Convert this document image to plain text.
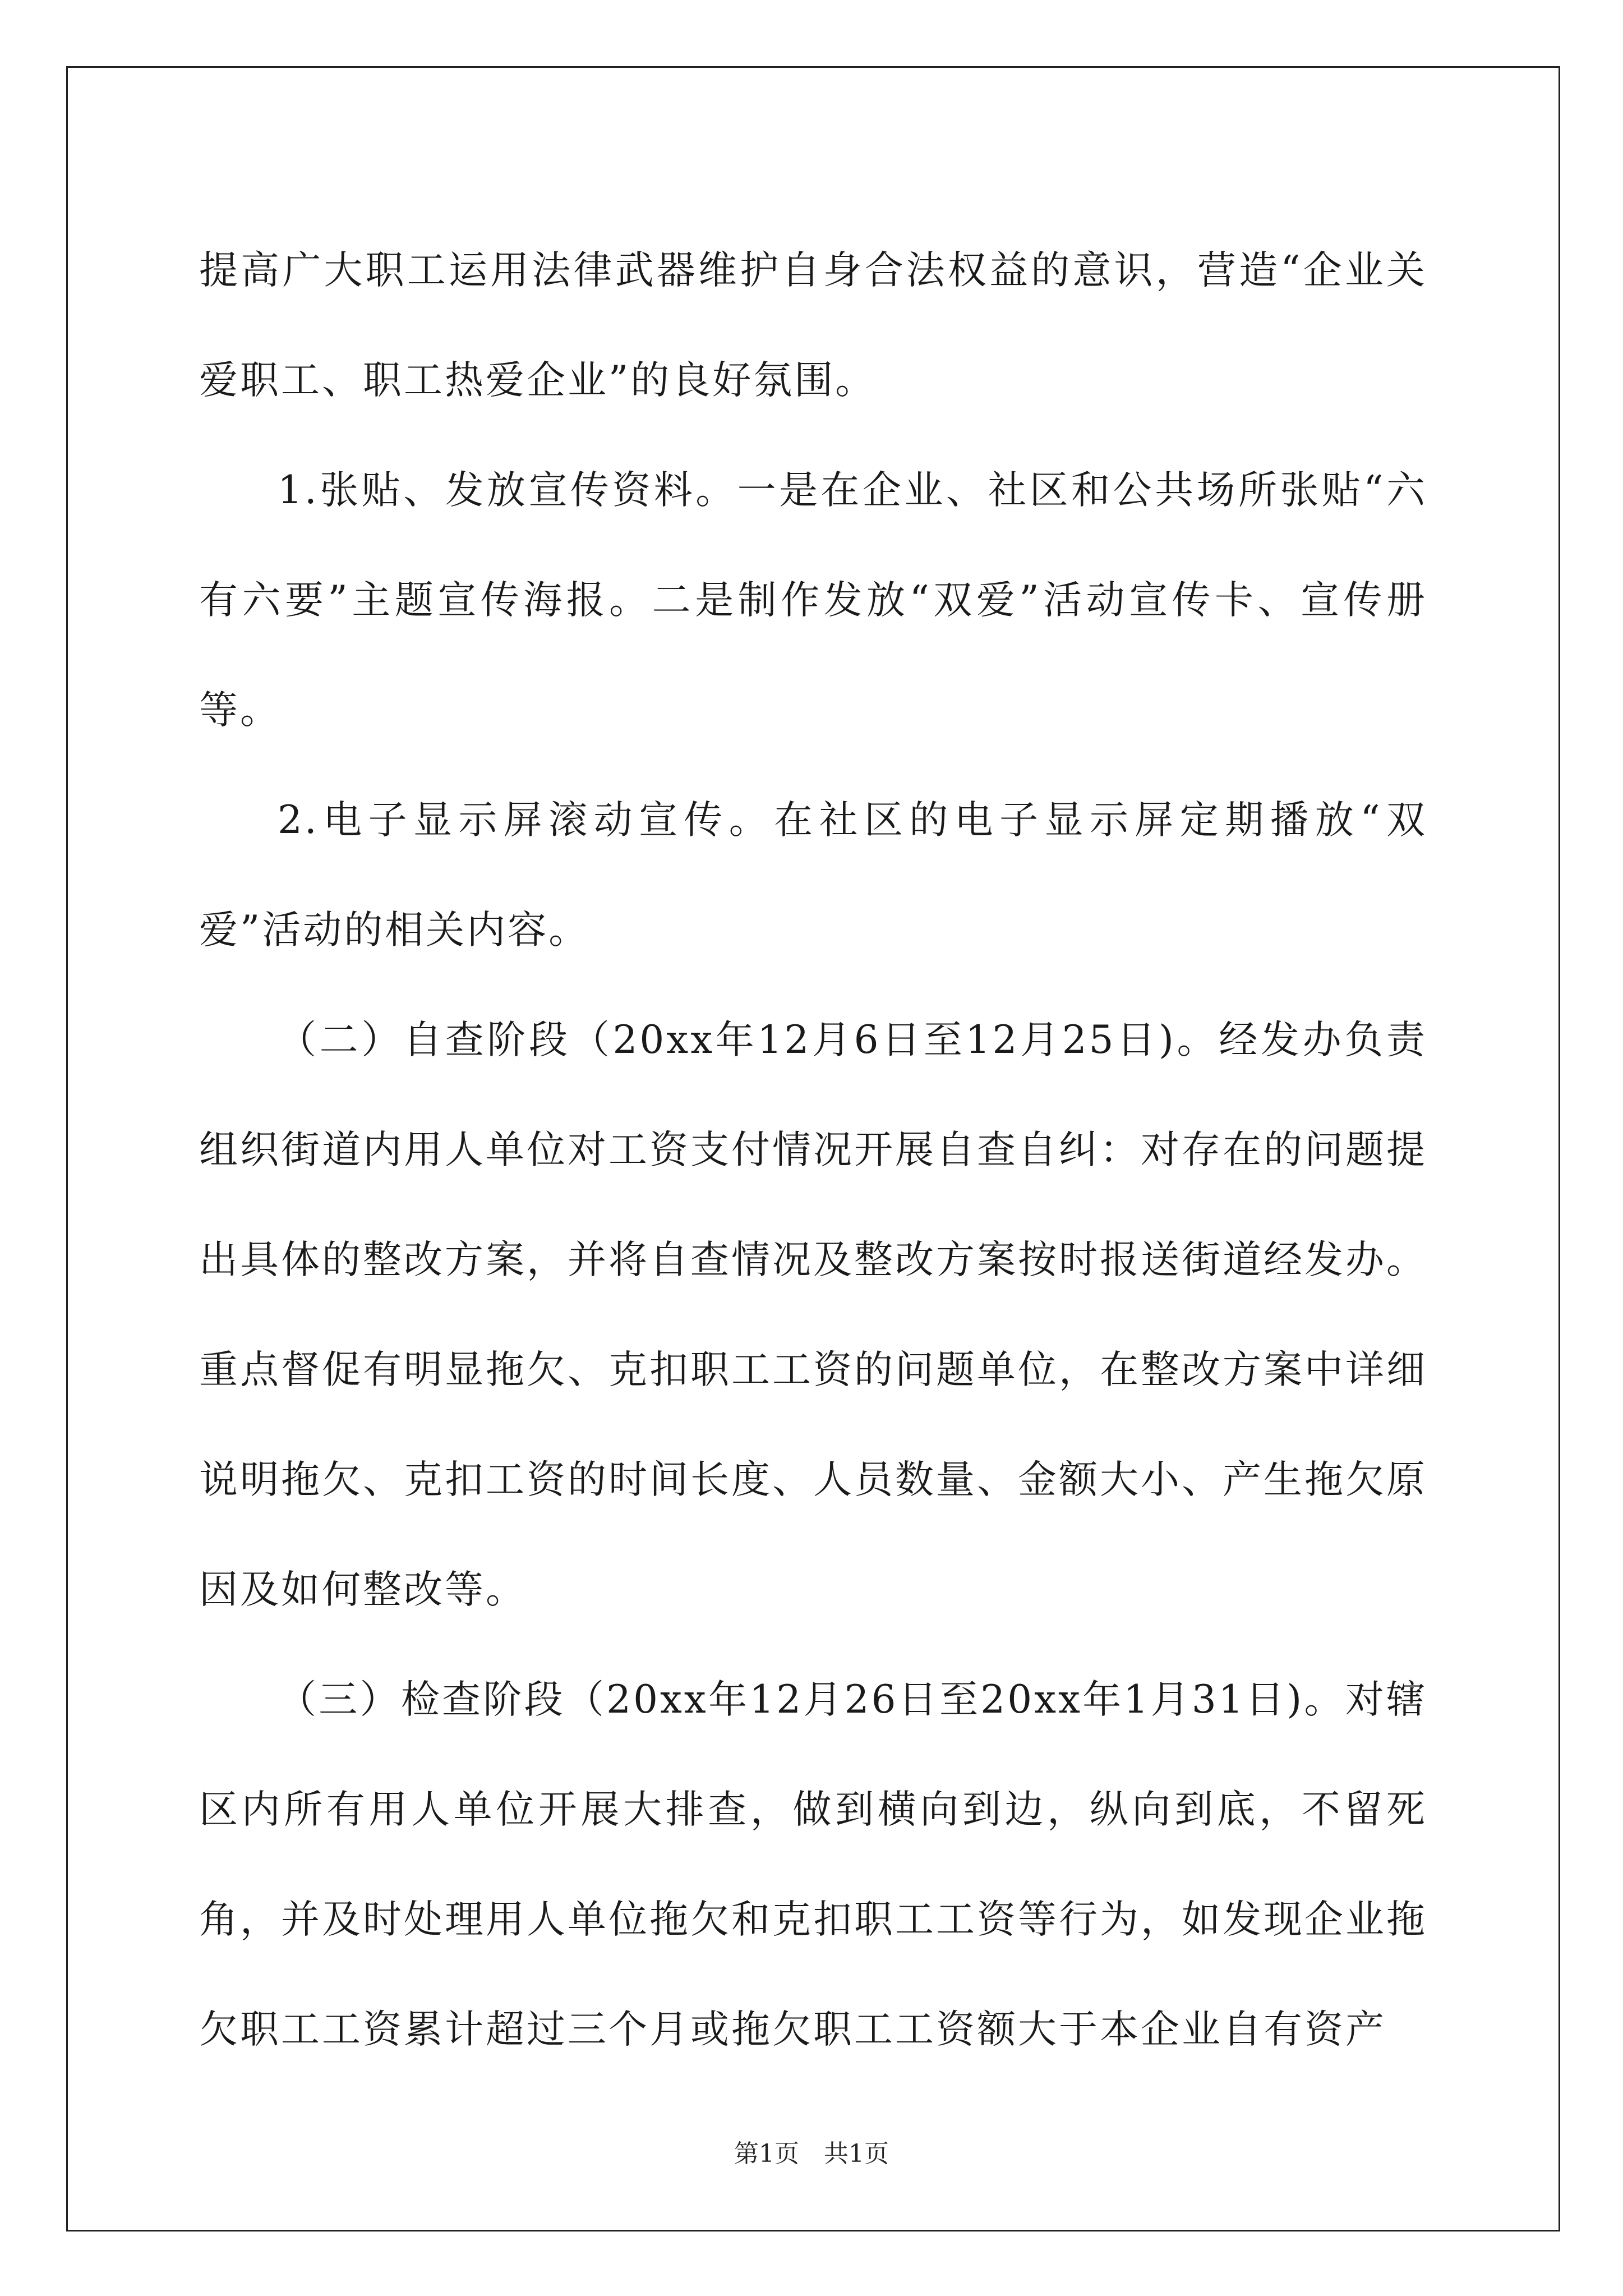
提高广大职工运用法律武器维护自身合法权益的意识，营造“企业关爱职工、职工热爱企业”的良好氛围。

1.张贴、发放宣传资料。一是在企业、社区和公共场所张贴“六有六要”主题宣传海报。二是制作发放“双爱”活动宣传卡、宣传册等。

2.电子显示屏滚动宣传。在社区的电子显示屏定期播放“双爱”活动的相关内容。

（二）自查阶段（20xx年12月6日至12月25日)。经发办负责组织街道内用人单位对工资支付情况开展自查自纠：对存在的问题提出具体的整改方案，并将自查情况及整改方案按时报送街道经发办。重点督促有明显拖欠、克扣职工工资的问题单位，在整改方案中详细说明拖欠、克扣工资的时间长度、人员数量、金额大小、产生拖欠原因及如何整改等。

（三）检查阶段（20xx年12月26日至20xx年1月31日)。对辖区内所有用人单位开展大排查，做到横向到边，纵向到底，不留死角，并及时处理用人单位拖欠和克扣职工工资等行为，如发现企业拖欠职工工资累计超过三个月或拖欠职工工资额大于本企业自有资产

第1页 共1页
